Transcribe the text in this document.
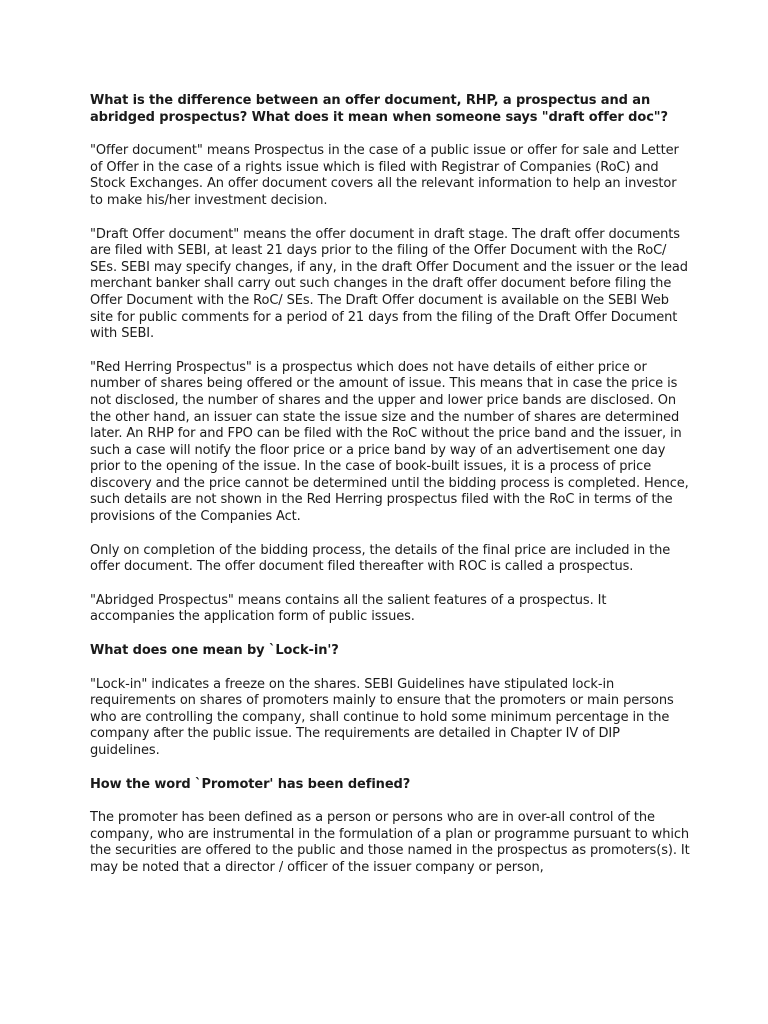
What is the difference between an offer document, RHP, a prospectus and an abridged prospectus? What does it mean when someone says "draft offer doc"?
"Offer document" means Prospectus in the case of a public issue or offer for sale and Letter of Offer in the case of a rights issue which is filed with Registrar of Companies (RoC) and Stock Exchanges. An offer document covers all the relevant information to help an investor to make his/her investment decision.
"Draft Offer document" means the offer document in draft stage. The draft offer documents are filed with SEBI, at least 21 days prior to the filing of the Offer Document with the RoC/ SEs. SEBI may specify changes, if any, in the draft Offer Document and the issuer or the lead merchant banker shall carry out such changes in the draft offer document before filing the Offer Document with the RoC/ SEs. The Draft Offer document is available on the SEBI Web site for public comments for a period of 21 days from the filing of the Draft Offer Document with SEBI.
"Red Herring Prospectus" is a prospectus which does not have details of either price or number of shares being offered or the amount of issue. This means that in case the price is not disclosed, the number of shares and the upper and lower price bands are disclosed. On the other hand, an issuer can state the issue size and the number of shares are determined later. An RHP for and FPO can be filed with the RoC without the price band and the issuer, in such a case will notify the floor price or a price band by way of an advertisement one day prior to the opening of the issue. In the case of book-built issues, it is a process of price discovery and the price cannot be determined until the bidding process is completed. Hence, such details are not shown in the Red Herring prospectus filed with the RoC in terms of the provisions of the Companies Act.
Only on completion of the bidding process, the details of the final price are included in the offer document. The offer document filed thereafter with ROC is called a prospectus.
"Abridged Prospectus" means contains all the salient features of a prospectus. It accompanies the application form of public issues.
What does one mean by `Lock-in'?
"Lock-in" indicates a freeze on the shares. SEBI Guidelines have stipulated lock-in requirements on shares of promoters mainly to ensure that the promoters or main persons who are controlling the company, shall continue to hold some minimum percentage in the company after the public issue. The requirements are detailed in Chapter IV of DIP guidelines.
How the word `Promoter' has been defined?
The promoter has been defined as a person or persons who are in over-all control of the company, who are instrumental in the formulation of a plan or programme pursuant to which the securities are offered to the public and those named in the prospectus as promoters(s). It may be noted that a director / officer of the issuer company or person,
